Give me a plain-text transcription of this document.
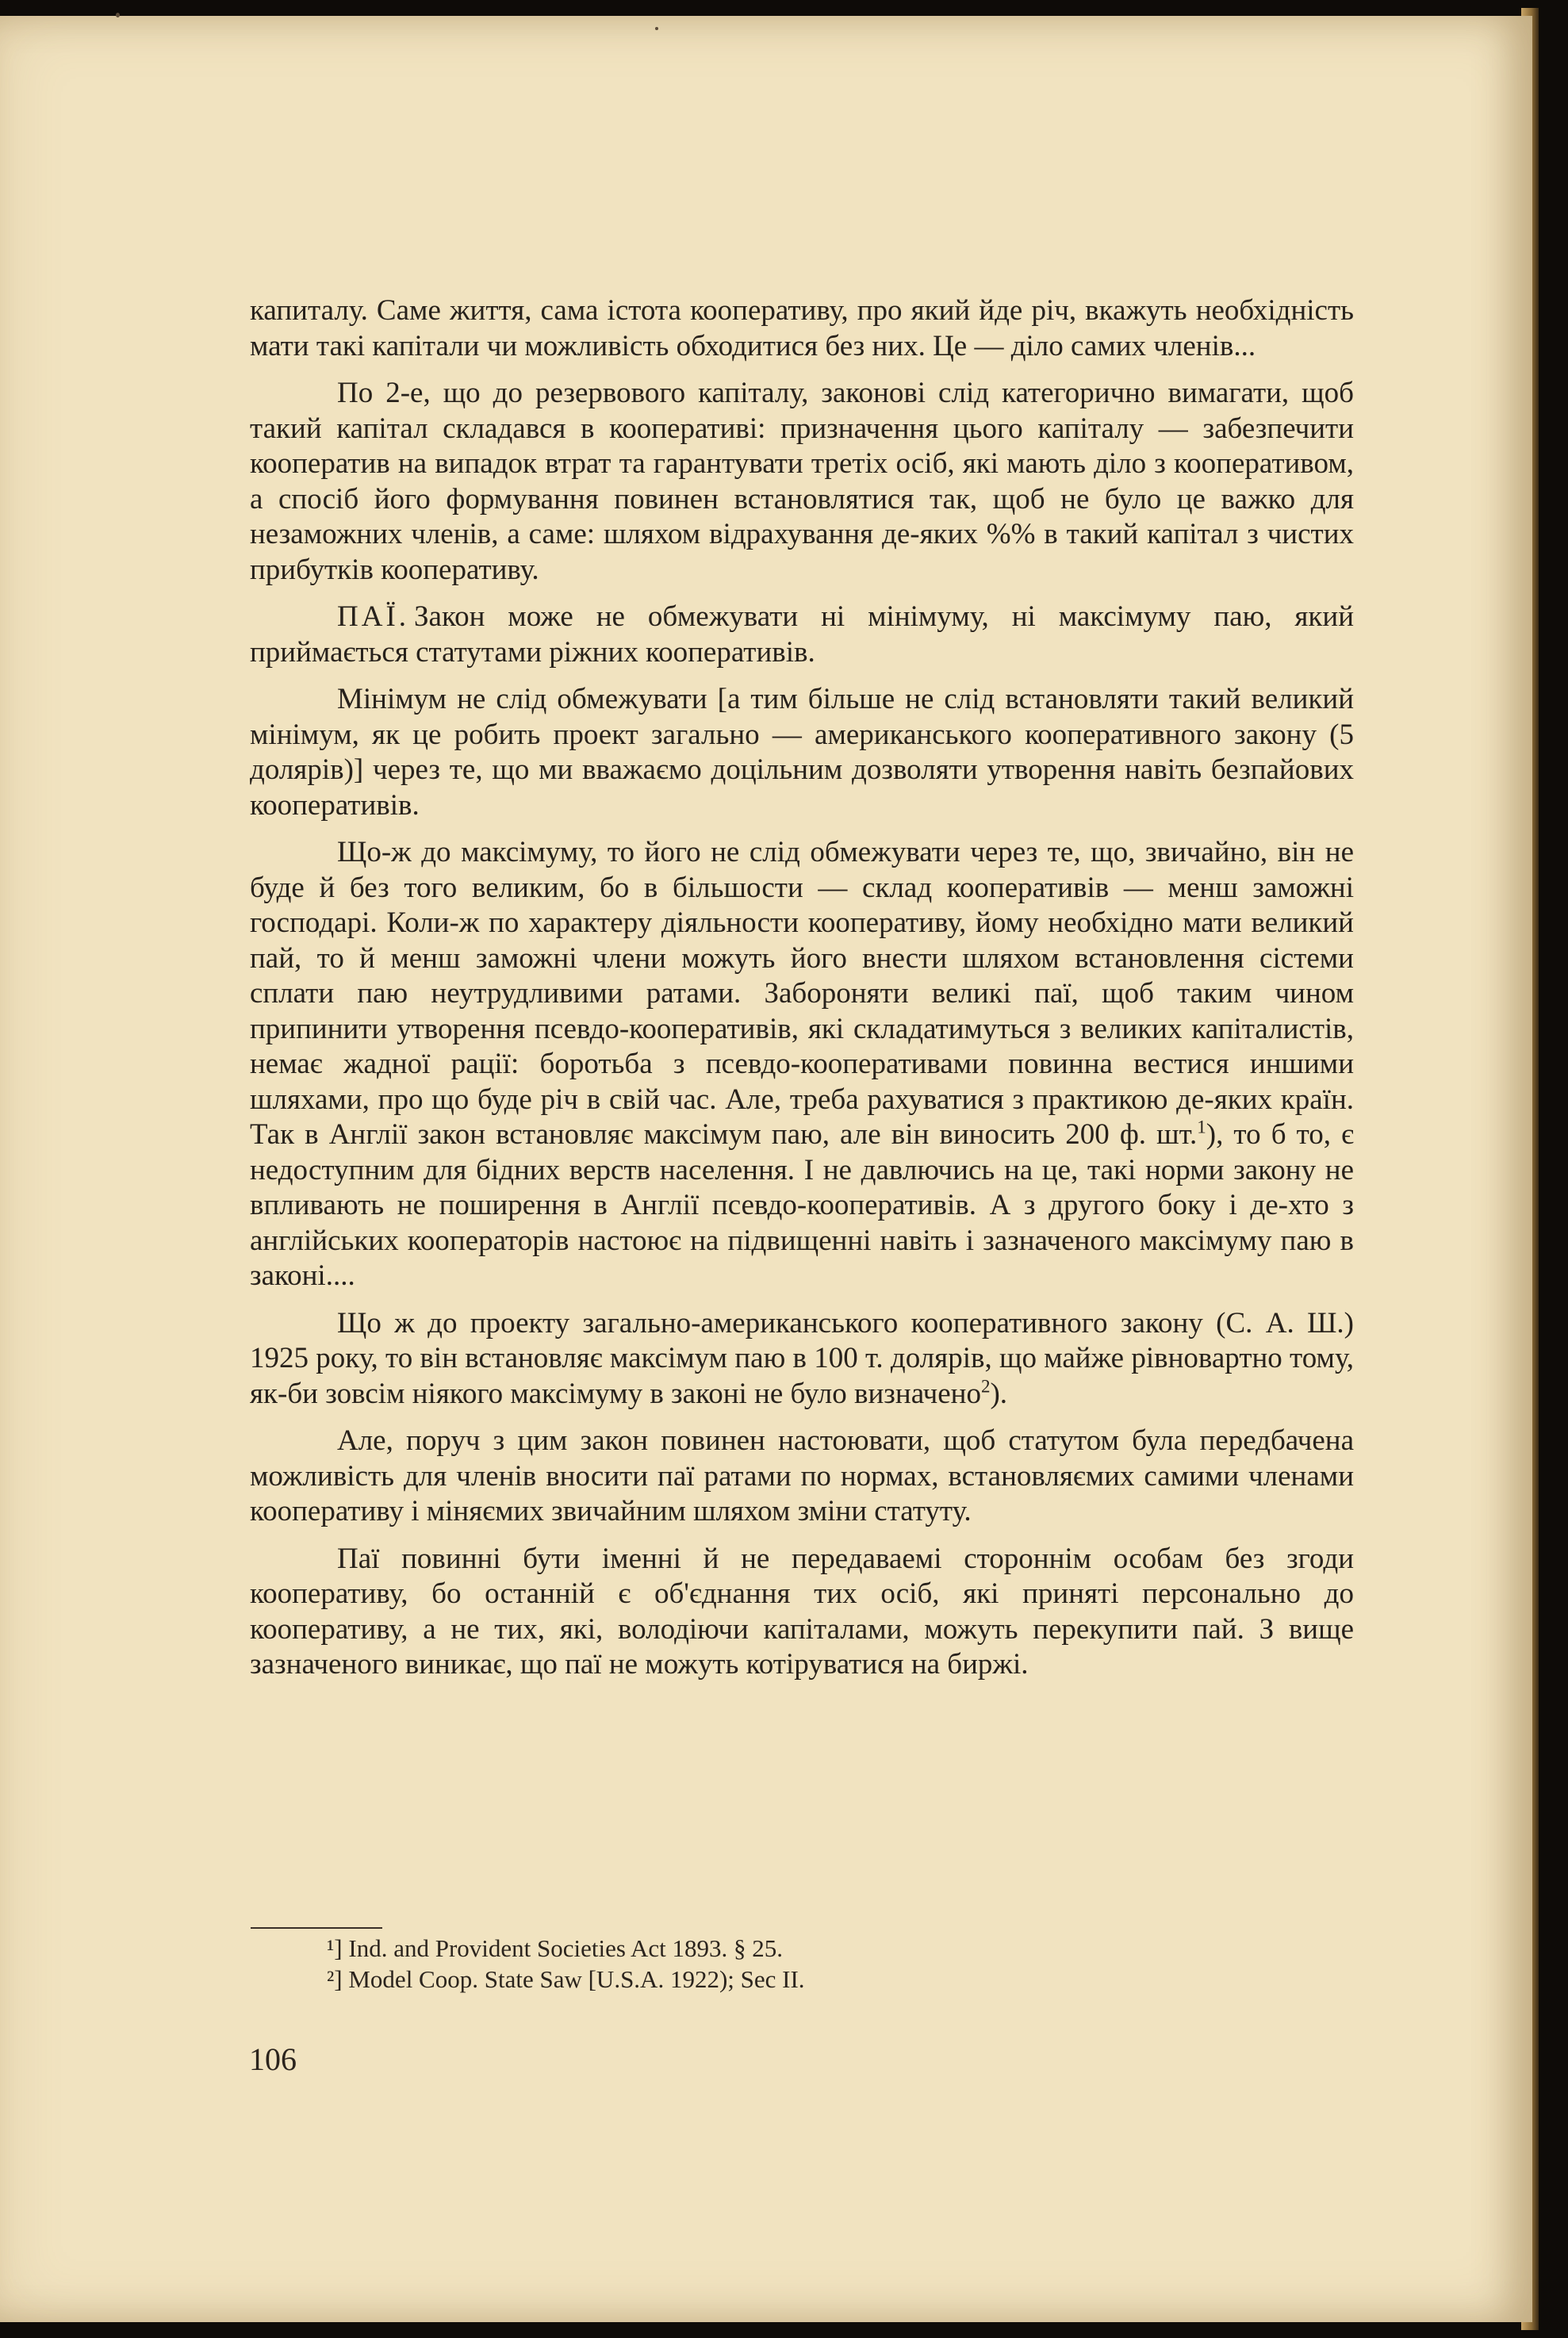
капиталу. Саме життя, сама істота кооперативу, про який йде річ, вкажуть необхідність мати такі капітали чи можливість обходитися без них. Це — діло самих членів...

По 2-е, що до резервового капіталу, законові слід категорично вимагати, щоб такий капітал складався в кооперативі: призначення цього капіталу — забезпечити кооператив на випадок втрат та гарантувати третіх осіб, які мають діло з кооперативом, а спосіб його формування повинен встановлятися так, щоб не було це важко для незаможних членів, а саме: шляхом відрахування де-яких %% в такий капітал з чистих прибутків кооперативу.

ПАЇ. Закон може не обмежувати ні мінімуму, ні максімуму паю, який приймається статутами ріжних кооперативів.

Мінімум не слід обмежувати [а тим більше не слід встановляти такий великий мінімум, як це робить проект загально — американського кооперативного закону (5 долярів)] через те, що ми вважаємо доцільним дозволяти утворення навіть безпайових кооперативів.

Що-ж до максімуму, то його не слід обмежувати через те, що, звичайно, він не буде й без того великим, бо в більшости — склад кооперативів — менш заможні господарі. Коли-ж по характеру діяльности кооперативу, йому необхідно мати великий пай, то й менш заможні члени можуть його внести шляхом встановлення сістеми сплати паю неутрудливими ратами. Забороняти великі паї, щоб таким чином припинити утворення псевдо-кооперативів, які складатимуться з великих капіталистів, немає жадної рації: боротьба з псевдо-кооперативами повинна вестися иншими шляхами, про що буде річ в свій час. Але, треба рахуватися з практикою де-яких країн. Так в Англії закон встановляє максімум паю, але він виносить 200 ф. шт.$^1$), то б то, є недоступним для бідних верств населення. І не давлючись на це, такі норми закону не впливають не поширення в Англії псевдо-кооперативів. А з другого боку і де-хто з англійських кооператорів настоює на підвищенні навіть і зазначеного максімуму паю в законі....

Що ж до проекту загально-американського кооперативного закону (С. А. Ш.) 1925 року, то він встановляє максімум паю в 100 т. долярів, що майже рівновартно тому, як-би зовсім ніякого максімуму в законі не було визначено$^2$).

Але, поруч з цим закон повинен настоювати, щоб статутом була передбачена можливість для членів вносити паї ратами по нормах, встановляємих самими членами кооперативу і міняємих звичайним шляхом зміни статуту.

Паї повинні бути іменні й не передаваемі стороннім особам без згоди кооперативу, бо останній є об'єднання тих осіб, які приняті персонально до кооперативу, а не тих, які, володіючи капіталами, можуть перекупити пай. З вище зазначеного виникає, що паї не можуть котіруватися на биржі.

¹] Ind. and Provident Societies Act 1893. § 25.
²] Model Coop. State Saw [U.S.A. 1922); Sec II.
106
